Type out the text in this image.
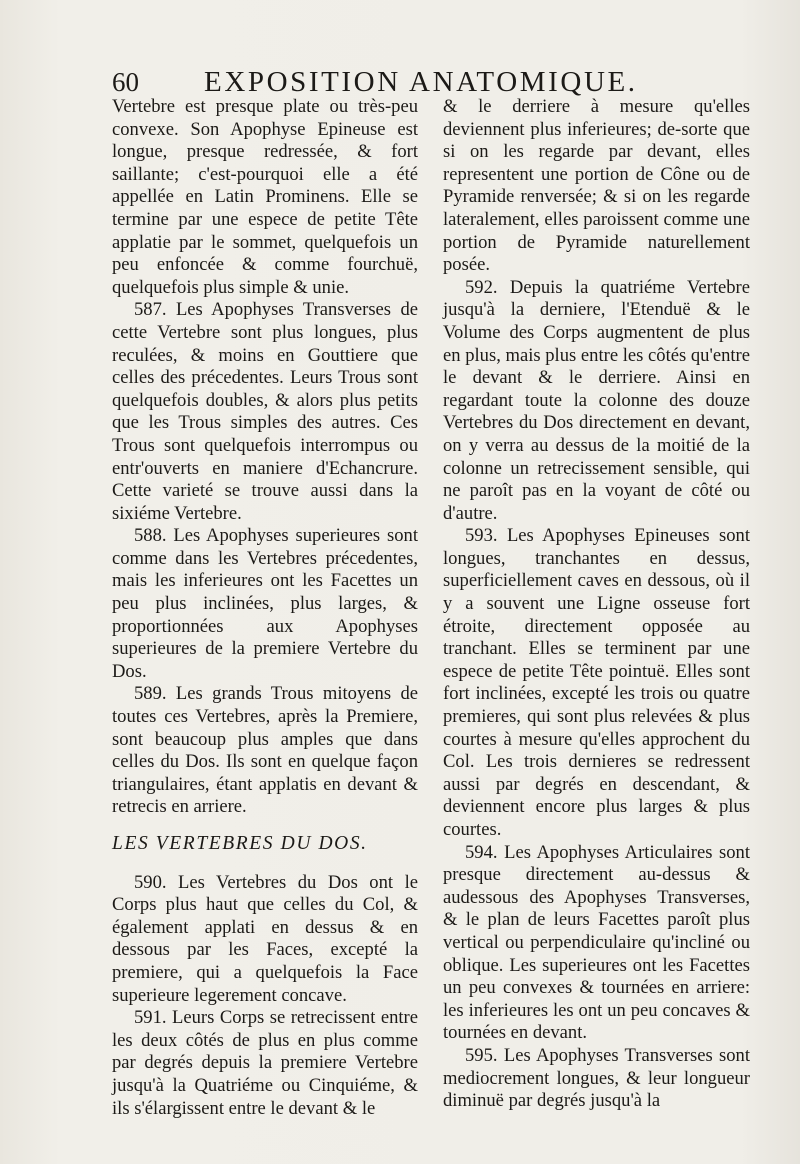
60 EXPOSITION ANATOMIQUE.

Vertebre est presque plate ou très-peu convexe. Son Apophyse Epineuse est longue, presque redressée, & fort saillante; c'est-pourquoi elle a été appellée en Latin Prominens. Elle se termine par une espece de petite Tête applatie par le sommet, quelquefois un peu enfoncée & comme fourchuë, quelquefois plus simple & unie.

587. Les Apophyses Transverses de cette Vertebre sont plus longues, plus reculées, & moins en Gouttiere que celles des précedentes. Leurs Trous sont quelquefois doubles, & alors plus petits que les Trous simples des autres. Ces Trous sont quelquefois interrompus ou entr'ouverts en maniere d'Echancrure. Cette varieté se trouve aussi dans la sixiéme Vertebre.

588. Les Apophyses superieures sont comme dans les Vertebres précedentes, mais les inferieures ont les Facettes un peu plus inclinées, plus larges, & proportionnées aux Apophyses superieures de la premiere Vertebre du Dos.

589. Les grands Trous mitoyens de toutes ces Vertebres, après la Premiere, sont beaucoup plus amples que dans celles du Dos. Ils sont en quelque façon triangulaires, étant applatis en devant & retrecis en arriere.

LES VERTEBRES DU DOS.

590. Les Vertebres du Dos ont le Corps plus haut que celles du Col, & également applati en dessus & en dessous par les Faces, excepté la premiere, qui a quelquefois la Face superieure legerement concave.

591. Leurs Corps se retrecissent entre les deux côtés de plus en plus comme par degrés depuis la premiere Vertebre jusqu'à la Quatriéme ou Cinquiéme, & ils s'élargissent entre le devant & le

& le derriere à mesure qu'elles deviennent plus inferieures; de-sorte que si on les regarde par devant, elles representent une portion de Cône ou de Pyramide renversée; & si on les regarde lateralement, elles paroissent comme une portion de Pyramide naturellement posée.

592. Depuis la quatriéme Vertebre jusqu'à la derniere, l'Etenduë & le Volume des Corps augmentent de plus en plus, mais plus entre les côtés qu'entre le devant & le derriere. Ainsi en regardant toute la colonne des douze Vertebres du Dos directement en devant, on y verra au dessus de la moitié de la colonne un retrecissement sensible, qui ne paroît pas en la voyant de côté ou d'autre.

593. Les Apophyses Epineuses sont longues, tranchantes en dessus, superficiellement caves en dessous, où il y a souvent une Ligne osseuse fort étroite, directement opposée au tranchant. Elles se terminent par une espece de petite Tête pointuë. Elles sont fort inclinées, excepté les trois ou quatre premieres, qui sont plus relevées & plus courtes à mesure qu'elles approchent du Col. Les trois dernieres se redressent aussi par degrés en descendant, & deviennent encore plus larges & plus courtes.

594. Les Apophyses Articulaires sont presque directement au-dessus & audessous des Apophyses Transverses, & le plan de leurs Facettes paroît plus vertical ou perpendiculaire qu'incliné ou oblique. Les superieures ont les Facettes un peu convexes & tournées en arriere: les inferieures les ont un peu concaves & tournées en devant.

595. Les Apophyses Transverses sont mediocrement longues, & leur longueur diminuë par degrés jusqu'à la
